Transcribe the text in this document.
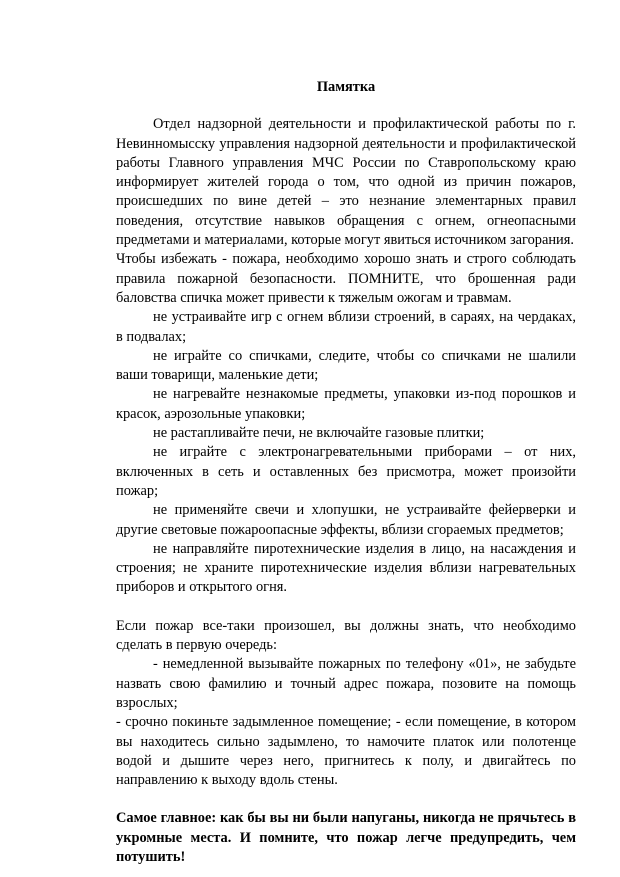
Памятка

Отдел надзорной деятельности и профилактической работы по г. Невинномысску управления надзорной деятельности и профилактической работы Главного управления МЧС России по Ставропольскому краю информирует жителей города о том, что одной из причин пожаров, происшедших по вине детей – это незнание элементарных правил поведения, отсутствие навыков обращения с огнем, огнеопасными предметами и материалами, которые могут явиться источником загорания.

Чтобы избежать - пожара, необходимо хорошо знать и строго соблюдать правила пожарной безопасности. ПОМНИТЕ, что брошенная ради баловства спичка может привести к тяжелым ожогам и травмам.

не устраивайте игр с огнем вблизи строений, в сараях, на чердаках, в подвалах;

не играйте со спичками, следите, чтобы со спичками не шалили ваши товарищи, маленькие дети;

не нагревайте незнакомые предметы, упаковки из-под порошков и красок, аэрозольные упаковки;

не растапливайте печи, не включайте газовые плитки;

не играйте с электронагревательными приборами – от них, включенных в сеть и оставленных без присмотра, может произойти пожар;

не применяйте свечи и хлопушки, не устраивайте фейерверки и другие световые пожароопасные эффекты, вблизи сгораемых предметов;

не направляйте пиротехнические изделия в лицо, на насаждения и строения; не храните пиротехнические изделия вблизи нагревательных приборов и открытого огня.

Если пожар все-таки произошел, вы должны знать, что необходимо сделать в первую очередь:

- немедленной вызывайте пожарных по телефону «01», не забудьте назвать свою фамилию и точный адрес пожара, позовите на помощь взрослых;

- срочно покиньте задымленное помещение; - если помещение, в котором вы находитесь сильно задымлено, то намочите платок или полотенце водой и дышите через него, пригнитесь к полу, и двигайтесь по направлению к выходу вдоль стены.

Самое главное: как бы вы ни были напуганы, никогда не прячьтесь в укромные места. И помните, что пожар легче предупредить, чем потушить!
